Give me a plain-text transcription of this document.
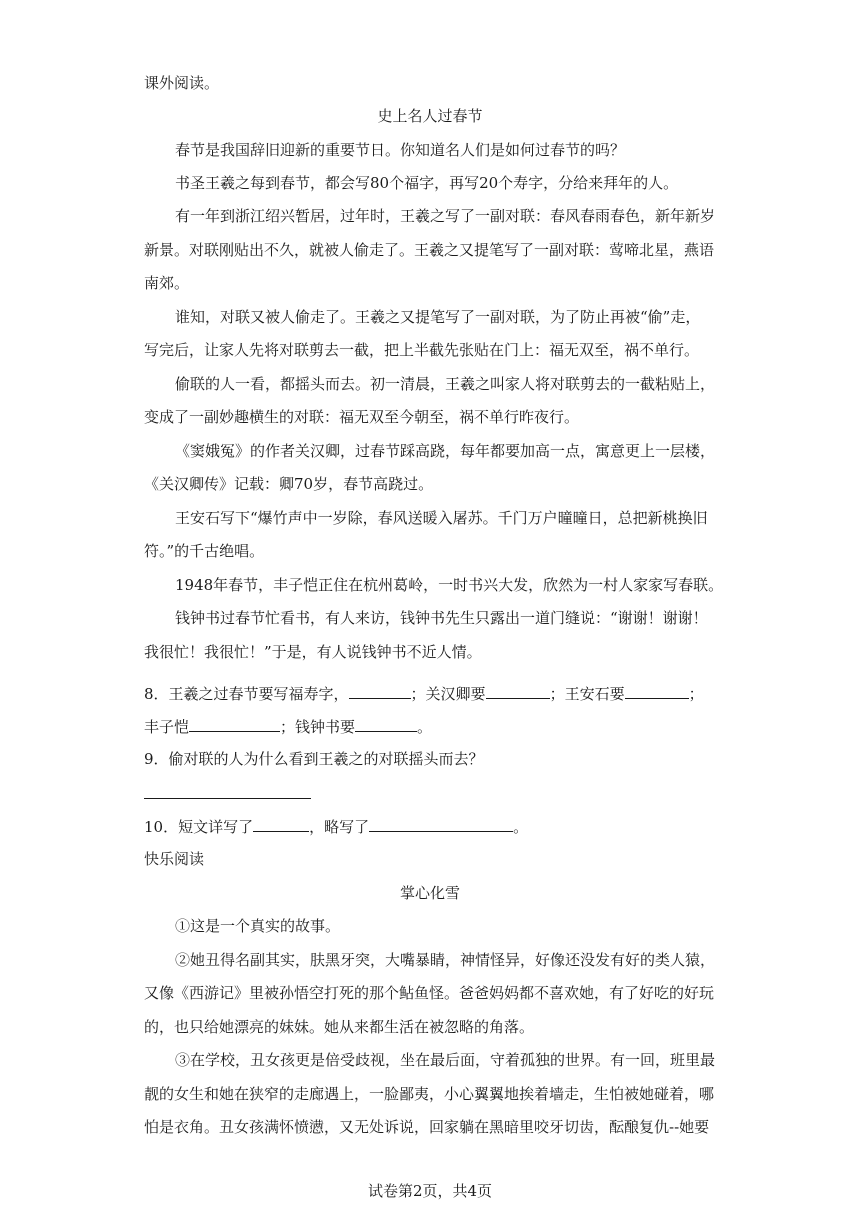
课外阅读。
史上名人过春节
春节是我国辞旧迎新的重要节日。你知道名人们是如何过春节的吗？
书圣王羲之每到春节，都会写80个福字，再写20个寿字，分给来拜年的人。
有一年到浙江绍兴暂居，过年时，王羲之写了一副对联：春风春雨春色，新年新岁
新景。对联刚贴出不久，就被人偷走了。王羲之又提笔写了一副对联：莺啼北星，燕语
南郊。
谁知，对联又被人偷走了。王羲之又提笔写了一副对联，为了防止再被“偷”走，
写完后，让家人先将对联剪去一截，把上半截先张贴在门上：福无双至，祸不单行。
偷联的人一看，都摇头而去。初一清晨，王羲之叫家人将对联剪去的一截粘贴上，
变成了一副妙趣横生的对联：福无双至今朝至，祸不单行昨夜行。
《窦娥冤》的作者关汉卿，过春节踩高跷，每年都要加高一点，寓意更上一层楼，
《关汉卿传》记载：卿70岁，春节高跷过。
王安石写下“爆竹声中一岁除，春风送暖入屠苏。千门万户曈曈日，总把新桃换旧
符。”的千古绝唱。
1948年春节，丰子恺正住在杭州葛岭，一时书兴大发，欣然为一村人家家写春联。
钱钟书过春节忙看书，有人来访，钱钟书先生只露出一道门缝说：“谢谢！谢谢！
我很忙！我很忙！”于是，有人说钱钟书不近人情。
8．王羲之过春节要写福寿字，	；关汉卿要	；王安石要	；
丰子恺	；钱钟书要	。
9．偷对联的人为什么看到王羲之的对联摇头而去？
10．短文详写了	，略写了	。
快乐阅读
掌心化雪
①这是一个真实的故事。
②她丑得名副其实，肤黑牙突，大嘴暴睛，神情怪异，好像还没发有好的类人猿，
又像《西游记》里被孙悟空打死的那个鲇鱼怪。爸爸妈妈都不喜欢她，有了好吃的好玩
的，也只给她漂亮的妹妹。她从来都生活在被忽略的角落。
③在学校，丑女孩更是倍受歧视，坐在最后面，守着孤独的世界。有一回，班里最
靓的女生和她在狭窄的走廊遇上，一脸鄙夷，小心翼翼地挨着墙走，生怕被她碰着，哪
怕是衣角。丑女孩满怀愤懑，又无处诉说，回家躺在黑暗里咬牙切齿，酝酿复仇--她要
试卷第2页，共4页
